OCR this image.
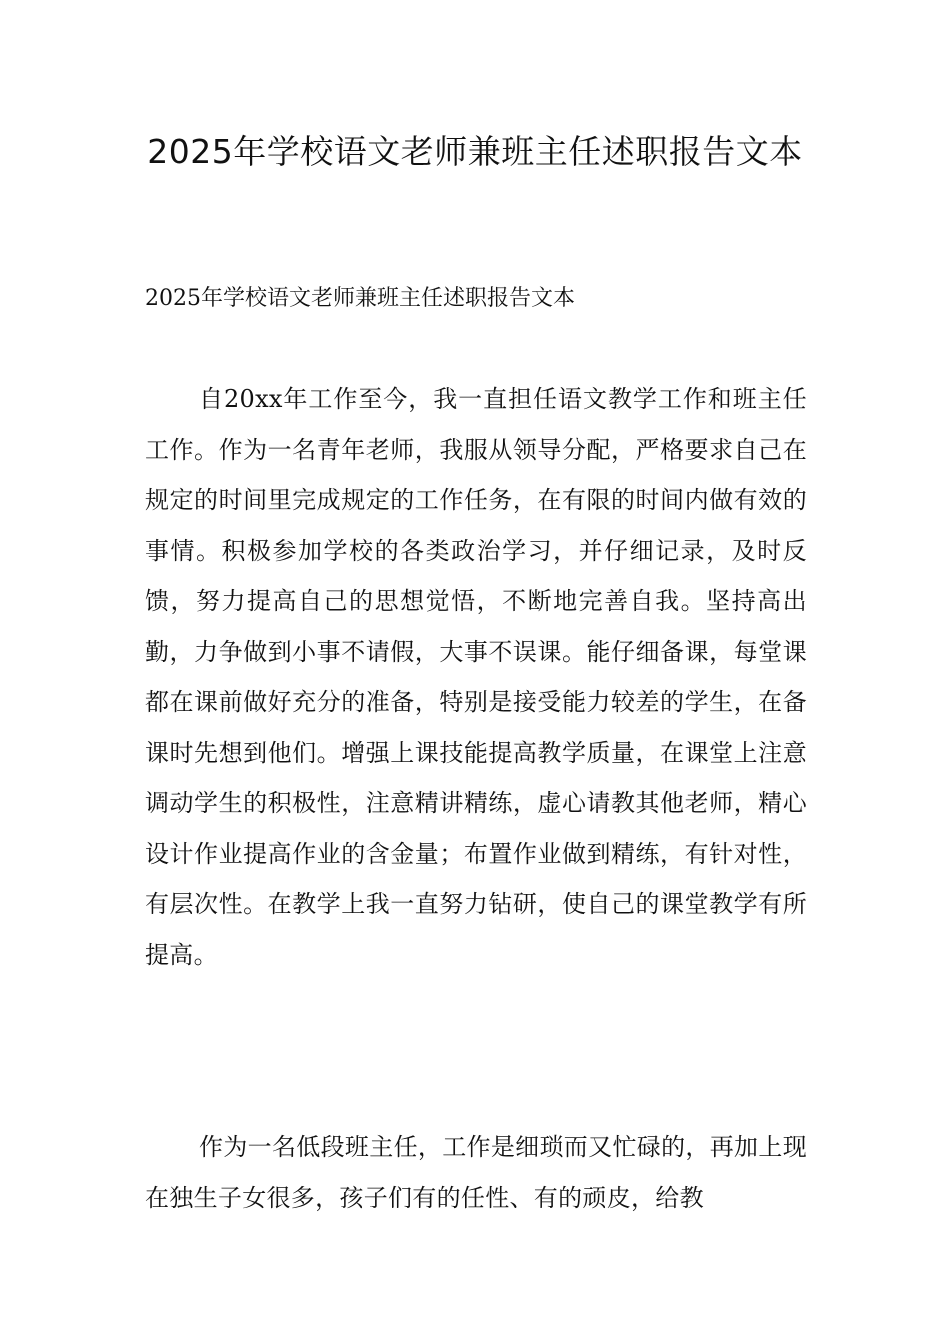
2025年学校语文老师兼班主任述职报告文本

2025年学校语文老师兼班主任述职报告文本

自20xx年工作至今，我一直担任语文教学工作和班主任工作。作为一名青年老师，我服从领导分配，严格要求自己在规定的时间里完成规定的工作任务，在有限的时间内做有效的事情。积极参加学校的各类政治学习，并仔细记录，及时反馈，努力提高自己的思想觉悟，不断地完善自我。坚持高出勤，力争做到小事不请假，大事不误课。能仔细备课，每堂课都在课前做好充分的准备，特别是接受能力较差的学生，在备课时先想到他们。增强上课技能提高教学质量，在课堂上注意调动学生的积极性，注意精讲精练，虚心请教其他老师，精心设计作业提高作业的含金量；布置作业做到精练，有针对性，有层次性。在教学上我一直努力钻研，使自己的课堂教学有所提高。

作为一名低段班主任，工作是细琐而又忙碌的，再加上现在独生子女很多，孩子们有的任性、有的顽皮，给教
